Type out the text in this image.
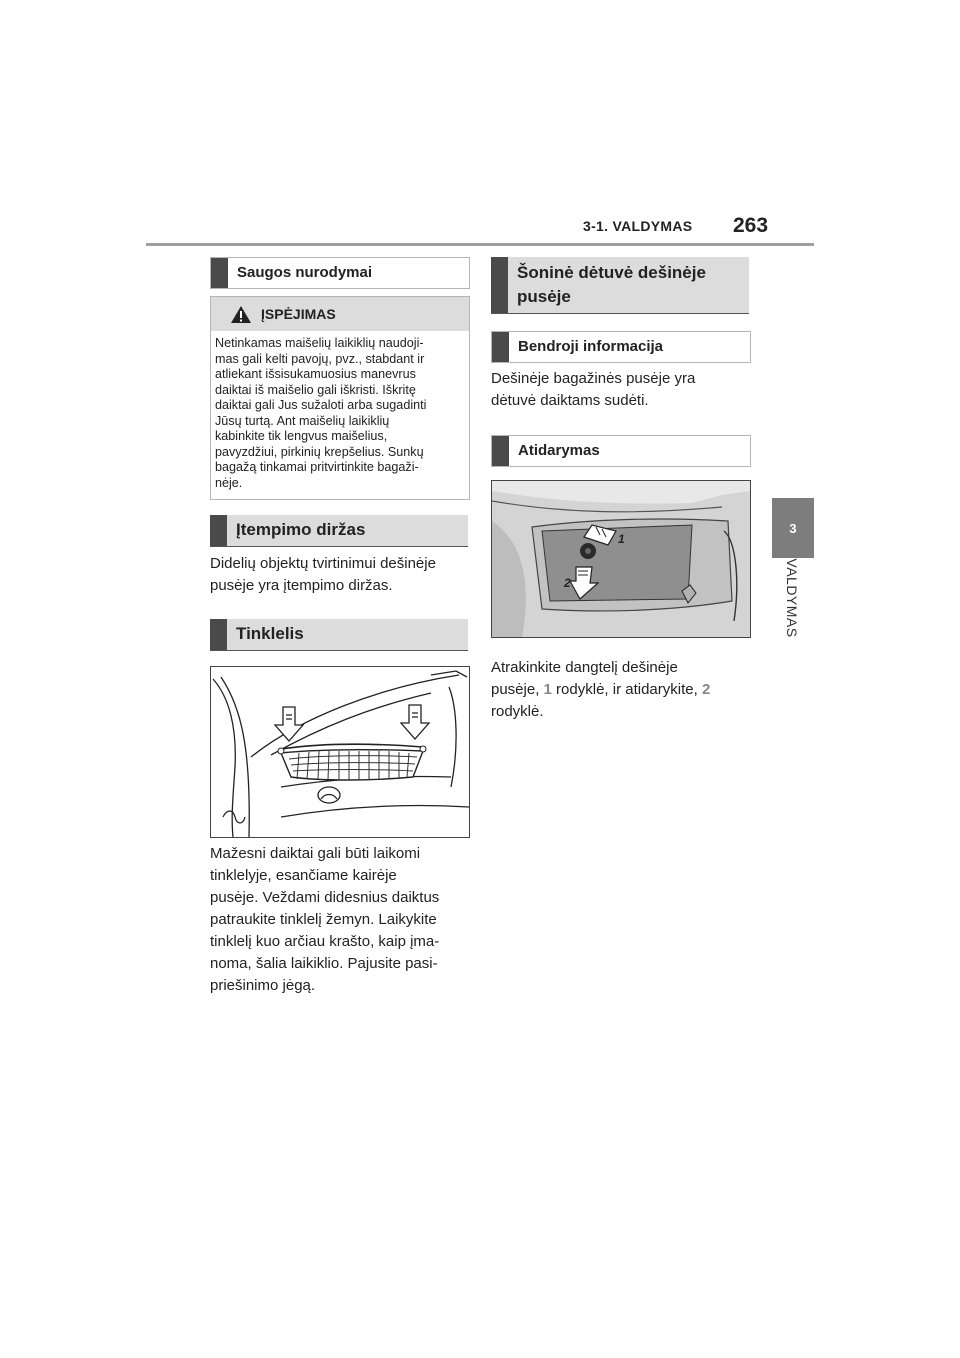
3-1. VALDYMAS 263
3
VALDYMAS
Saugos nurodymai
ĮSPĖJIMAS
Netinkamas maišelių laikiklių naudoji-
mas gali kelti pavojų, pvz., stabdant ir
atliekant išsisukamuosius manevrus
daiktai iš maišelio gali iškristi. Iškritę
daiktai gali Jus sužaloti arba sugadinti
Jūsų turtą. Ant maišelių laikiklių
kabinkite tik lengvus maišelius,
pavyzdžiui, pirkinių krepšelius. Sunkų
bagažą tinkamai pritvirtinkite bagaži-
nėje.
Įtempimo diržas
Didelių objektų tvirtinimui dešinėje
pusėje yra įtempimo diržas.
Tinklelis
Mažesni daiktai gali būti laikomi
tinklelyje, esančiame kairėje
pusėje. Veždami didesnius daiktus
patraukite tinklelį žemyn. Laikykite
tinklelį kuo arčiau krašto, kaip įma-
noma, šalia laikiklio. Pajusite pasi-
priešinimo jėgą.
Šoninė dėtuvė dešinėje
pusėje
Bendroji informacija
Dešinėje bagažinės pusėje yra
dėtuvė daiktams sudėti.
Atidarymas
1
2
Atrakinkite dangtelį dešinėje
pusėje, 1 rodyklė, ir atidarykite, 2
rodyklė.
